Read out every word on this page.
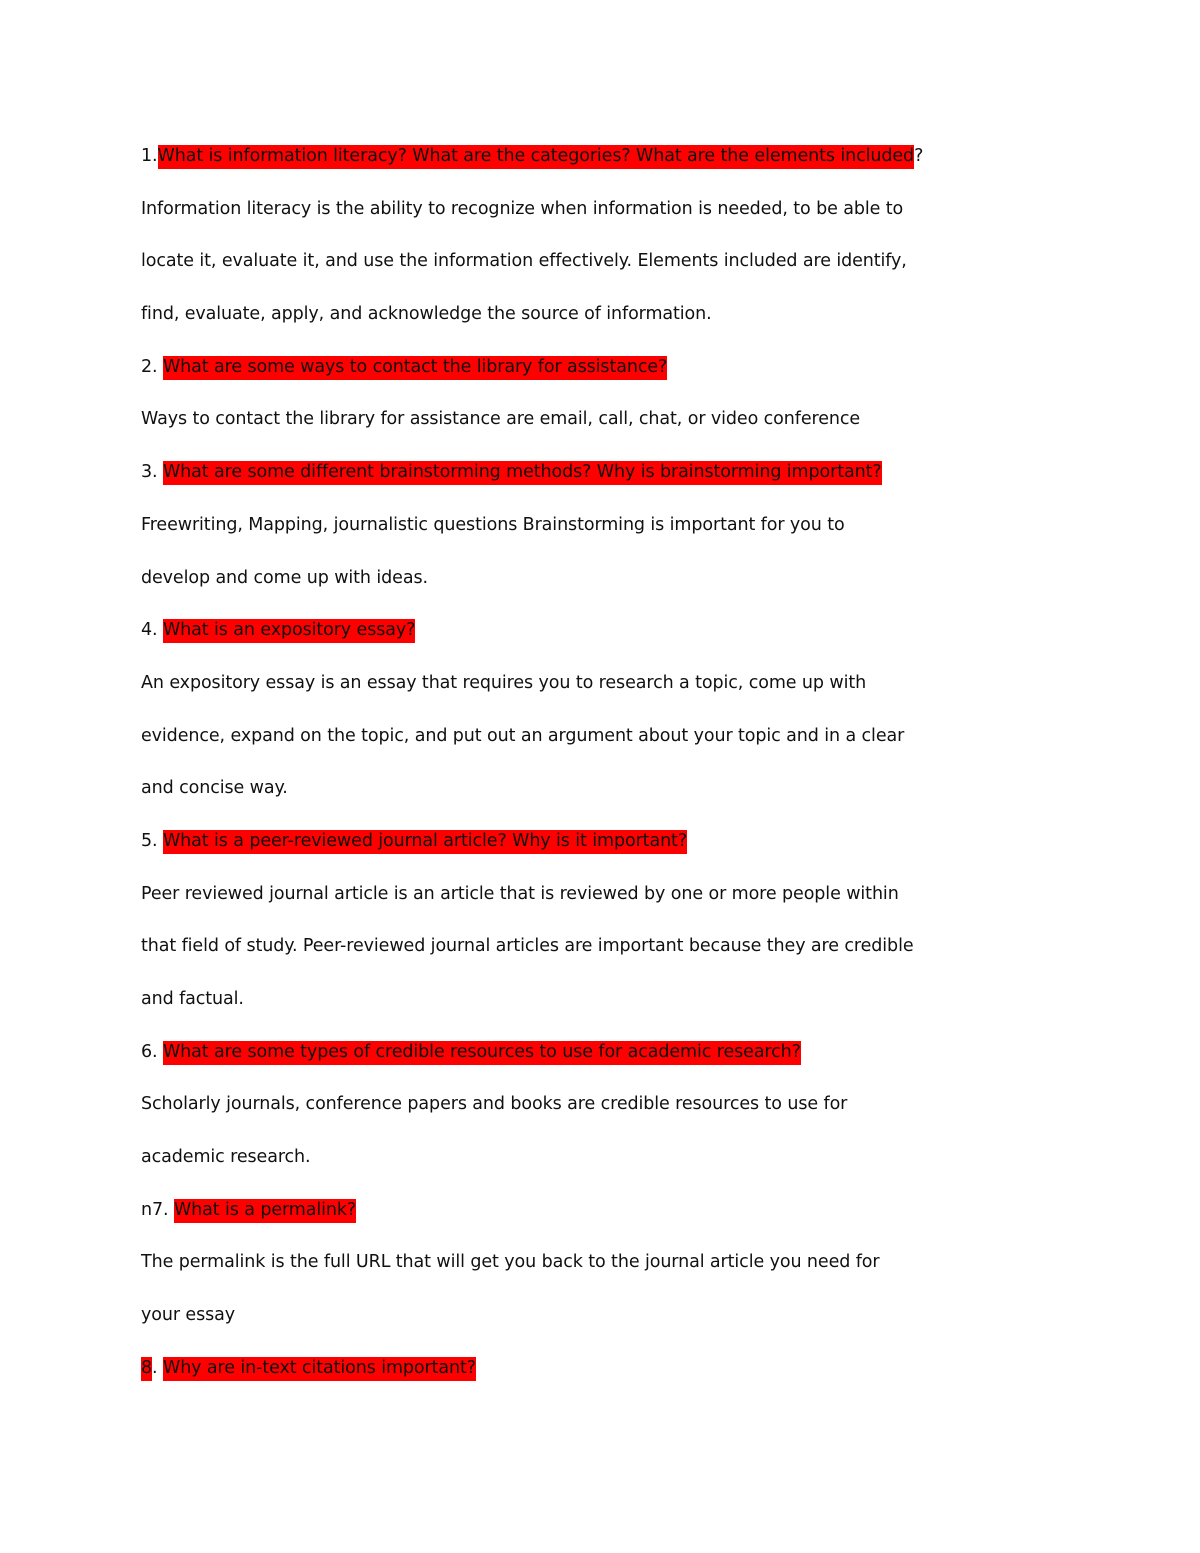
1.What is information literacy? What are the categories? What are the elements included?
Information literacy is the ability to recognize when information is needed, to be able to
locate it, evaluate it, and use the information effectively. Elements included are identify,
find, evaluate, apply, and acknowledge the source of information.
2. What are some ways to contact the library for assistance?
Ways to contact the library for assistance are email, call, chat, or video conference
3. What are some different brainstorming methods? Why is brainstorming important?
Freewriting, Mapping, journalistic questions Brainstorming is important for you to
develop and come up with ideas.
4. What is an expository essay?
An expository essay is an essay that requires you to research a topic, come up with
evidence, expand on the topic, and put out an argument about your topic and in a clear
and concise way.
5. What is a peer-reviewed journal article? Why is it important?
Peer reviewed journal article is an article that is reviewed by one or more people within
that field of study. Peer-reviewed journal articles are important because they are credible
and factual.
6. What are some types of credible resources to use for academic research?
Scholarly journals, conference papers and books are credible resources to use for
academic research.
n7. What is a permalink?
The permalink is the full URL that will get you back to the journal article you need for
your essay
8. Why are in-text citations important?
